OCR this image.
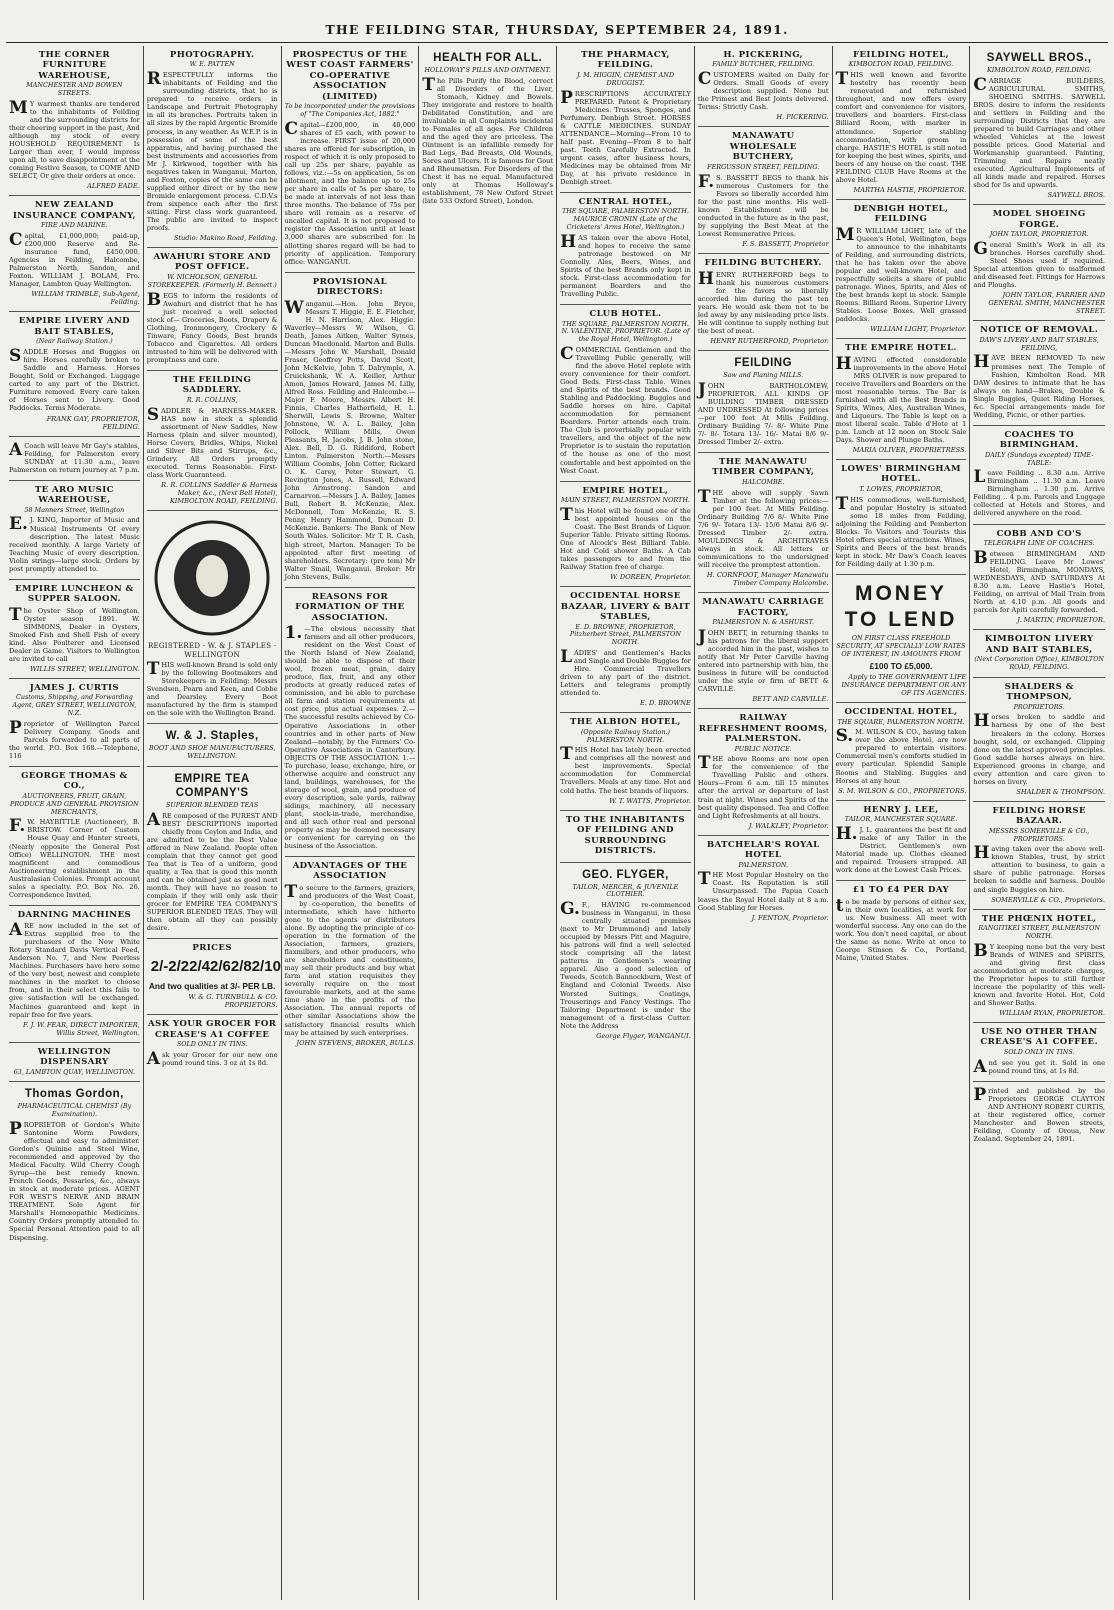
THE FEILDING STAR, THURSDAY, SEPTEMBER 24, 1891.
THE CORNER FURNITURE WAREHOUSE,
MANCHESTER AND BOWEN STREETS.
MY warmest thanks are tendered to the inhabitants of Feilding and the surrounding districts for their cheering support in the past, And although my stock of every HOUSEHOLD REQUIREMENT Is Larger than ever, I would impress upon all, to save disappointment at the coming Festive Season, to COME AND SELECT, Or give their orders at once.
ALFRED EADE.
NEW ZEALAND INSURANCE COMPANY,
FIRE AND MARINE.
Capital, £1,000,000; paid-up, £200,000 Reserve and Re-insurance fund, £450,000. Agencies in Feilding, Halcombe, Palmerston North, Sandon, and Foxton. WILLIAM J. BOLAM, Pro. Manager, Lambton Quay Wellington.
WILLIAM TRIMBLE, Sub-Agent, Feilding.
EMPIRE LIVERY AND BAIT STABLES,
(Near Railway Station.)
SADDLE Horses and Buggies on hire. Horses carefully broken to Saddle and Harness. Horses Bought, Sold or Exchanged. Luggage carted to any part of the District. Furniture removed. Every care taken of Horses sent to Livery. Good Paddocks. Terms Moderate.
FRANK GAY, PROPRIETOR, FEILDING.
ACoach will leave Mr Gay's stables, Feilding, for Palmerston every SUNDAY at 11.30 a.m., leave Palmerston on return journey at 7 p.m.
TE ARO MUSIC WAREHOUSE,
58 Manners Street, Wellington
E.J. KING, Importer of Music and Musical Instruments Of every description. The latest Music received monthly. A large Variety of Teaching Music of every description. Violin strings—large stock. Orders by post promptly attended to.
EMPIRE LUNCHEON & SUPPER SALOON.
The Oyster Shop of Wellington. Oyster season 1891. W. SIMMONS, Dealer in Oysters, Smoked Fish and Shell Fish of every kind. Also Poulterer and Licensed Dealer in Game. Visitors to Wellington are invited to call
WILLIS STREET, WELLINGTON.
JAMES J. CURTIS
Customs, Shipping, and Forwarding Agent, GREY STREET, WELLINGTON, N.Z.
Proprietor of Wellington Parcel Delivery Company. Goods and Parcels forwarded to all parts of the world. P.O. Box 168.—Telephone, 116
GEORGE THOMAS & CO.,
AUCTIONEERS, FRUIT, GRAIN, PRODUCE AND GENERAL PROVISION MERCHANTS,
F.W. HAYBITTLE (Auctioneer), B. BRISTOW. Corner of Custom House Quay and Hunter streets, (Nearly opposite the General Post Office) WELLINGTON. THE most magnificent and commodious Auctioneering establishment in the Australasian Colonies. Prompt account sales a specialty. P.O. Box No. 26. Correspondence Invited.
DARNING MACHINES
ARE now included in the set of Extras supplied free to the purchasers of the New White Rotary Standard Davis Vertical Feed, Anderson No. 7, and New Peerless Machines. Purchasers have here some of the very best, newest and complete machines in the market to choose from, and in their select this fails to give satisfaction will be exchanged. Machines guaranteed and kept in repair free for five years.
F. J. W. FEAR, DIRECT IMPORTER, Willis Street, Wellington.
WELLINGTON DISPENSARY
63, LAMBTON QUAY, WELLINGTON.
Thomas Gordon,
PHARMACEUTICAL CHEMIST (By Examination).
PROPRIETOR of Gordon's White Santonine Worm Powders, effectual and easy to administer. Gordon's Quinine and Steel Wine, recommended and approved by the Medical Faculty. Wild Cherry Cough Syrup—the best remedy known. French Goods, Pessaries, &c., always in stock at moderate prices. AGENT FOR WEST'S NERVE AND BRAIN TREATMENT. Sole Agent for Marshall's Homœopathic Medicines. Country Orders promptly attended to. Special Personal Attention paid to all Dispensing.
PHOTOGRAPHY.
W. E. PATTEN
RESPECTFULLY informs the inhabitants of Feilding and the surrounding districts, that he is prepared to receive orders in Landscape and Portrait Photography in all its branches. Portraits taken in all sizes by the rapid Argentic Bromide process, in any weather. As W.E.P. is in possession of some of the best apparatus, and having purchased the best instruments and accessories from Mr J. Kirkwood, together with his negatives taken in Wanganui, Marton, and Foxton, copies of the same can be supplied either direct or by the new Bromide enlargement process. C.D.V.s from sixpence each after the first sitting. First class work guaranteed. The public are invited to inspect proofs.
Studio: Makino Road, Feilding.
AWAHURI STORE AND POST OFFICE.
W. NICHOLSON, GENERAL STOREKEEPER. (Formerly H. Bennett.)
BEGS to inform the residents of Awahuri and district that he has just received a well selected stock of— Groceries, Boots, Drapery & Clothing, Ironmongery, Crockery & Tinware, Fancy Goods, Best brands Tobacco and Cigarettes. All orders intrusted to him will be delivered with promptness and care.
THE FEILDING SADDLERY.
R. R. COLLINS,
SADDLER & HARNESS-MAKER. HAS now in stock a splendid assortment of New Saddles, New Harness (plain and silver mounted), Horse Covers, Bridles, Whips, Nickel and Silver Bits and Stirrups, &c., Grindery. All Orders promptly executed. Terms Reasonable. First-class Work Guaranteed.
R. R. COLLINS Saddler & Harness Maker, &c., (Next Bell Hotel), KIMBOLTON ROAD, FEILDING.
REGISTERED · W. & J. STAPLES · WELLINGTON
THIS well-known Brand is sold only by the following Bootmakers and Storekeepers in Feilding: Messrs Svendsen, Pearn and Keen, and Cobbe and Dearsley. Every Boot manufactured by the firm is stamped on the sole with the Wellington Brand.
W. & J. Staples,
BOOT AND SHOE MANUFACTURERS, WELLINGTON.
EMPIRE TEA COMPANY'S
SUPERIOR BLENDED TEAS
ARE composed of the PUREST AND BEST DESCRIPTIONS imported chiefly from Ceylon and India, and are admitted to be the Best Value offered in New Zealand. People often complain that they cannot get good Tea that is Tea of a uniform, good quality, a Tea that is good this month and can be obtained just as good next month. They will have no reason to complain if they will only ask their grocer for EMPIRE TEA COMPANY'S SUPERIOR BLENDED TEAS. They will then obtain all they can possibly desire.
PRICES
2/- 2/2 2/4 2/6 2/8 2/10
And two qualities at 3/- PER LB.
W. & G. TURNBULL & CO. PROPRIETORS.
ASK YOUR GROCER FOR CREASE'S A1 COFFEE
SOLD ONLY IN TINS.
Ask your Grocer for our new one pound round tins. 3 oz at 1s 8d.
PROSPECTUS OF THE WEST COAST FARMERS' CO-OPERATIVE ASSOCIATION (LIMITED)
To be incorporated under the provisions of "The Companies Act, 1882."
Capital—£200,000, in 40,000 shares of £5 each, with power to increase. FIRST issue of 20,000 shares are offered for subscription, in respect of which it is only proposed to call up 25s per share, payable as follows, viz.:—5s on application, 5s on allotment, and the balance up to 25s per share in calls of 5s per share, to be made at intervals of not less than three months. The balance of 75s per share will remain as a reserve of uncalled capital. It is not proposed to register the Association until at least 3,000 shares are subscribed for. In allotting shares regard will be had to priority of application. Temporary office: WANGANUI.
PROVISIONAL DIRECTORS:
Wanganui.—Hon. John Bryce, Messrs T. Higgie, E. E. Fletcher, H. N. Harrison, Alex. Higgie. Waverley—Messrs W. Wilson, G. Death, James Aitken, Walter Symes, Duncan Macdonald. Marton and Bulls.—Messrs John W. Marshall, Donald Fraser, Geoffrey Potts, David Scott, John McKelvie, John T. Dalrymple, A. Cruickshank, W. A. Keiller, Arthur Amon, James Howard, James M. Lilly, Alfred Ross. Feilding and Halcombe.—Major F. Moore, Messrs Albert H. Finnis, Charles Hatherfield, H. L. Sherwill, Lewis S. Browne, Walter Johnstone, W. A. L. Bailey, John Pollock, William Mills, Owen Pleasants, H. Jacobs, J. B. John stone, Alex. Bell, D. G. Riddiford, Robert Linton. Palmerston North.—Messrs William Coombs, John Cotter, Rickard O. K. Carey, Peter Stewart, G. Revington Jones, A. Russell, Edward John Armstrong. Sandon and Carnarvon.—Messrs J. A. Bailey, James Bull, Robert B. McKenzie, Alex. McDonnell, Tom McKenzie, R. S. Penny, Henry Hammond, Duncan D. McKenzie. Bankers: The Bank of New South Wales. Solicitor: Mr T. R. Cash, high street, Marton. Manager: To be appointed after first meeting of shareholders. Secretary: (pro tem) Mr Walter Smail, Wanganui. Broker: Mr John Stevens, Bulls.
REASONS FOR FORMATION OF THE ASSOCIATION.
1.—The obvious necessity that farmers and all other producers, resident on the West Coast of the North Island of New Zealand, should be able to dispose of their wool, frozen meat, grain, dairy produce, flax, fruit, and any other products at greatly reduced rates of commission, and be able to purchase all farm and station requirements at cost price, plus actual expenses. 2.—The successful results achieved by Co-Operative Associations in other countries and in other parts of New Zealand—notably, by the Farmers' Co-Operative Associations in Canterbury. OBJECTS OF THE ASSOCIATION. 1.—To purchase, lease, exchange, hire, or otherwise acquire and construct any land, buildings, warehouses, for the storage of wool, grain, and produce of every description, sale yards, railway sidings, machinery, all necessary plant, stock-in-trade, merchandise, and all such other real and personal property as may be deemed necessary or convenient for carrying on the business of the Association.
ADVANTAGES OF THE ASSOCIATION
To secure to the farmers, graziers, and producers of the West Coast, by co-operation, the benefits of intermediate, which have hitherto gone to the agents or distributors alone. By adopting the principle of co-operation in the formation of the Association, farmers, graziers, flaxmillers, and other producers, who are shareholders and constituents, may sell their products and buy what farm and station requisites they severally require on the most favourable markets, and at the same time share in the profits of the Association. The annual reports of other similar Associations show the satisfactory financial results which may be attained by such enterprises.
JOHN STEVENS, BROKER, BULLS.
HEALTH FOR ALL.
HOLLOWAY'S PILLS AND OINTMENT.
The Pills Purify the Blood, correct all Disorders of the Liver, Stomach, Kidney and Bowels. They invigorate and restore to health Debilitated Constitution, and are invaluable in all Complaints incidental to Females of all ages. For Children and the aged they are priceless. The Ointment is an infallible remedy for Bad Legs, Bad Breasts, Old Wounds, Sores and Ulcers. It is famous for Gout and Rheumatism. For Disorders of the Chest it has no equal. Manufactured only at Thomas Holloway's establishment, 78 New Oxford Street (late 533 Oxford Street), London.
THE PHARMACY, FEILDING.
J. M. HIGGIN, CHEMIST AND DRUGGIST.
PRESCRIPTIONS ACCURATELY PREPARED. Patent & Proprietary Medicines. Trusses, Sponges, and Perfumery. Denbigh Street. HORSES & CATTLE MEDICINES. SUNDAY ATTENDANCE—Morning—From 10 to half past. Evening—From 8 to half past. Teeth Carefully Extracted. In urgent cases, after business hours, Medicines may be obtained from Mr Day, at his private residence in Denbigh street.
CENTRAL HOTEL,
THE SQUARE, PALMERSTON NORTH. MAURICE CRONIN (Late of the Cricketers' Arms Hotel, Wellington.)
HAS taken over the above Hotel, and hopes to receive the same patronage bestowed on Mr Connolly. Ales, Beers, Wines, and Spirits of the best Brands only kept in stock. First-class accommodation for permanent Boarders and the Travelling Public.
CLUB HOTEL.
THE SQUARE, PALMERSTON NORTH. N. VALENTINE, PROPRIETOR. (Late of the Royal Hotel, Wellington.)
COMMERCIAL Gentlemen and the Travelling Public generally, will find the above Hotel replete with every convenience for their comfort. Good Beds. First-class Table. Wines and Spirits of the best brands. Good Stabling and Paddocking. Buggies and Saddle horses on hire. Capital accommodation for permanent Boarders. Porter attends each train. The Club is proverbially popular with travellers, and the object of the new Proprietor is to sustain the reputation of the house as one of the most comfortable and best appointed on the West Coast.
EMPIRE HOTEL,
MAIN STREET, PALMERSTON NORTH.
This Hotel will be found one of the best appointed houses on the Coast. The Best Brands of Liquor. Superior Table. Private sitting Rooms. One of Alcock's Best Billiard Table. Hot and Cold shower Baths. A Cab takes passengers to and from the Railway Station free of charge.
W. DOREEN, Proprietor.
OCCIDENTAL HORSE BAZAAR, LIVERY & BAIT STABLES,
E. D. BROWNE, PROPRIETOR, Pitzherbert Street, PALMERSTON NORTH.
LADIES' and Gentlemen's Hacks and Single and Double Buggies for Hire. Commercial Travellers driven to any part of the district. Letters and telegrams promptly attended to.
E. D. BROWNE
THE ALBION HOTEL,
(Opposite Railway Station.) PALMERSTON NORTH.
THIS Hotel has lately been erected and comprises all the newest and best improvements. Special accommodation for Commercial Travellers. Meals at any time. Hot and cold baths. The best brands of liquors.
W. T. WATTS, Proprietor.
TO THE INHABITANTS OF FEILDING AND SURROUNDING DISTRICTS.
GEO. FLYGER,
TAILOR, MERCER, & JUVENILE CLOTHIER.
G.F., HAVING re-commenced business in Wanganui, in those centrally situated premises (next to Mr Drummond) and lately occupied by Messrs Pitt and Maguire, his patrons will find a well selected stock comprising all the latest patterns in Gentlemen's wearing apparel. Also a good selection of Tweeds, Scotch Bannockburn, West of England and Colonial Tweeds. Also Worsted Suitings, Coatings, Trouserings and Fancy Vestings. The Tailoring Department is under the management of a first-class Cutter. Note the Address
George Flyger, WANGANUI.
H. PICKERING,
FAMILY BUTCHER, FEILDING.
CUSTOMERS waited on Daily for Orders. Small Goods of every description supplied. None but the Primest and Best Joints delivered. Terms: Strictly Cash.
H. PICKERING.
MANAWATU WHOLESALE BUTCHERY,
FERGUSSON STREET, FEILDING.
F.S. BASSETT BEGS to thank his numerous Customers for the Favors so liberally accorded him for the past nine months. His well-known Establishment will be conducted in the future as in the past, by supplying the Best Meat at the Lowest Remunerative Prices.
F. S. BASSETT, Proprietor
FEILDING BUTCHERY.
HENRY RUTHERFORD begs to thank his numerous customers for the favors so liberally accorded him during the past ten years. He would ask them not to be led away by any misleading price lists. He will continue to supply nothing but the best of meat.
HENRY RUTHERFORD, Proprietor.
FEILDING
Saw and Planing MILLS.
JOHN BARTHOLOMEW, PROPRIETOR. ALL KINDS OF BUILDING TIMBER DRESSED AND UNDRESSED At following prices—per 100 feet At Mills Feilding. Ordinary Building 7/- 8/- White Pine 7/- 8/- Totara 13/- 16/- Matai 8/6 9/- Dressed Timber 2/- extra.
THE MANAWATU TIMBER COMPANY,
HALCOMBE.
THE above will supply Sawn Timber at the following prices:—per 100 feet. At Mills Feilding. Ordinary Building 7/6 8/- White Pine 7/6 9/- Totara 13/- 15/6 Matai 8/6 9/- Dressed Timber 2/- extra. MOULDINGS & ARCHITRAVES always in stock. All letters or communications to the undersigned will receive the promptest attention.
H. CORNFOOT, Manager Manawatu Timber Company Halcombe.
MANAWATU CARRIAGE FACTORY,
PALMERSTON N. & ASHURST.
JOHN BETT, in returning thanks to his patrons for the liberal support accorded him in the past, wishes to notify that Mr Peter Carville having entered into partnership with him, the business in future will be conducted under the style or firm of BETT & CARVILLE.
BETT AND CARVILLE.
RAILWAY REFRESHMENT ROOMS, PALMERSTON.
PUBLIC NOTICE.
THE above Rooms are now open for the convenience of the Travelling Public and others. Hours—From 6 a.m. till 15 minutes after the arrival or departure of last train at night. Wines and Spirits of the best quality dispensed. Tea and Coffee and Light Refreshments at all hours.
J. WALKLEY, Proprietor.
BATCHELAR'S ROYAL HOTEL
PALMERSTON.
THE Most Popular Hostelry on the Coast. Its Reputation is still Unsurpassed. The Papua Coach leaves the Royal Hotel daily at 8 a.m. Good Stabling for Horses.
J. FENTON, Proprietor.
FEILDING HOTEL,
KIMBOLTON ROAD, FEILDING.
THIS well known and favorite hostelry has recently been renovated and refurnished throughout, and now offers every comfort and convenience for visitors, travellers and boarders. First-class Billiard Room, with marker in attendance. Superior stabling accommodation, with groom in charge. HASTIE'S HOTEL is still noted for keeping the best wines, spirits, and beers of any house on the coast. THE FEILDING CLUB Have Rooms at the above Hotel.
MARTHA HASTIE, PROPRIETOR.
DENBIGH HOTEL, FEILDING
MR WILLIAM LIGHT, late of the Queen's Hotel, Wellington, begs to announce to the inhabitants of Feilding, and surrounding districts, that he has taken over the above popular and well-known Hotel, and respectfully solicits a share of public patronage. Wines, Spirits, and Ales of the best brands kept in stock. Sample Rooms. Billiard Room. Superior Livery Stables. Loose Boxes. Well grassed paddocks.
WILLIAM LIGHT, Proprietor.
THE EMPIRE HOTEL.
HAVING effected considerable improvements in the above Hotel MRS OLIVER is now prepared to receive Travellers and Boarders on the most reasonable terms. The Bar is furnished with all the Best Brands in Spirits, Wines, Ales, Australian Wines, and Liqueurs. The Table is kept on a most liberal scale. Table d'Hote at 1 p.m. Lunch at 12 noon on Stock Sale Days. Shower and Plunge Baths.
MARIA OLIVER, PROPRIETRESS.
LOWES' BIRMINGHAM HOTEL.
T. LOWES, PROPRIETOR,
THIS commodious, well-furnished, and popular Hostelry is situated some 18 miles from Feilding, adjoining the Feilding and Pemberton Blocks. To Visitors and Tourists this Hotel offers special attractions. Wines, Spirits and Beers of the best brands kept in stock. Mr Daw's Coach leaves for Feilding daily at 1.30 p.m.
MONEY TO LEND
ON FIRST CLASS FREEHOLD SECURITY, AT SPECIALLY LOW RATES OF INTEREST, IN AMOUNTS FROM
£100 TO £5,000.
Apply to THE GOVERNMENT LIFE INSURANCE DEPARTMENT OR ANY OF ITS AGENCIES.
OCCIDENTAL HOTEL,
THE SQUARE, PALMERSTON NORTH.
S.M. WILSON & CO., having taken over the above Hotel, are now prepared to entertain visitors. Commercial men's comforts studied in every particular. Splendid Sample Rooms and Stabling. Buggies and Horses at any hour.
S. M. WILSON & CO., PROPRIETORS.
HENRY J. LEE,
TAILOR, MANCHESTER SQUARE.
H.J. L. guarantees the best fit and make of any Tailor in the District. Gentlemen's own Material made up. Clothes cleaned and repaired. Trousers strapped. All work done at the Lowest Cash Prices.
£1 TO £4 PER DAY
to be made by persons of either sex, in their own localities, at work for us. New business. All meet with wonderful success. Any one can do the work. You don't need capital, or about the same as none. Write at once to George Stinson & Co., Portland, Maine, United States.
SAYWELL BROS.,
KIMBOLTON ROAD, FEILDING.
CARRIAGE BUILDERS, AGRICULTURAL SMITHS, SHOEING SMITHS. SAYWELL BROS. desire to inform the residents and settlers in Feilding and the surrounding Districts that they are prepared to build Carriages and other wheeled Vehicles at the lowest possible prices. Good Material and Workmanship guaranteed. Painting, Trimming and Repairs neatly executed. Agricultural Implements of all kinds made and repaired. Horses shod for 5s and upwards.
SAYWELL BROS.
MODEL SHOEING FORGE.
JOHN TAYLOR, PROPRIETOR.
General Smith's Work in all its branches. Horses carefully shod. Steel Shoes used if required. Special attention given to malformed and diseased feet. Fittings for Harrows and Ploughs.
JOHN TAYLOR, FARRIER AND GENERAL SMITH, MANCHESTER STREET.
NOTICE OF REMOVAL.
DAW'S LIVERY AND BAIT STABLES, FEILDING,
HAVE BEEN REMOVED To new premises next The Temple of Fashion, Kimbolton Road. MR DAW desires to intimate that he has always on hand—Brakes, Double & Single Buggies, Quiet Riding Horses, &c. Special arrangements made for Wedding, Picnic, or other parties.
COACHES TO BIRMINGHAM.
DAILY (Sundays excepted) TIME-TABLE:
Leave Feilding .. 8.30 a.m. Arrive Birmingham .. 11.30 a.m. Leave Birmingham .. 1.30 p.m. Arrive Feilding .. 4 p.m. Parcels and Luggage collected at Hotels and Stores, and delivered anywhere on the road.
COBB AND CO'S
TELEGRAPH LINE OF COACHES.
Between BIRMINGHAM AND FEILDING. Leave Mr Lowes' Hotel, Birmingham, MONDAYS, WEDNESDAYS, AND SATURDAYS At 8.30 a.m. Leave Hastie's Hotel, Feilding, on arrival of Mail Train from North at 4.10 p.m. All goods and parcels for Apiti carefully forwarded.
J. MARTIN, PROPRIETOR.
KIMBOLTON LIVERY AND BAIT STABLES,
(Next Corporation Office), KIMBOLTON ROAD, FEILDING.
SHALDERS & THOMPSON,
PROPRIETORS.
Horses broken to saddle and harness by one of the best breakers in the colony. Horses bought, sold, or exchanged. Clipping done on the latest approved principles. Good saddle horses always on hire. Experienced grooms in charge, and every attention and care given to horses on livery.
SHALDER & THOMPSON.
FEILDING HORSE BAZAAR.
MESSRS SOMERVILLE & CO., PROPRIETORS.
Having taken over the above well-known Stables, trust, by strict attention to business, to gain a share of public patronage. Horses broken to saddle and harness. Double and single Buggies on hire.
SOMERVILLE & CO., Proprietors.
THE PHŒNIX HOTEL,
RANGITIKEI STREET, PALMERSTON NORTH.
BY keeping none but the very best Brands of WINES and SPIRITS, and giving first class accommodation at moderate charges, the Proprietor hopes to still further increase the popularity of this well-known and favorite Hotel. Hot, Cold and Shower Baths.
WILLIAM RYAN, PROPRIETOR.
USE NO OTHER THAN CREASE'S A1 COFFEE.
SOLD ONLY IN TINS.
And see you get it. Sold in one pound round tins, at 1s 8d.
Printed and published by the Proprietors GEORGE CLAYTON AND ANTHONY ROBERT CURTIS, at their registered office, corner Manchester and Bowen streets, Feilding, County of Oroua, New Zealand. September 24, 1891.
